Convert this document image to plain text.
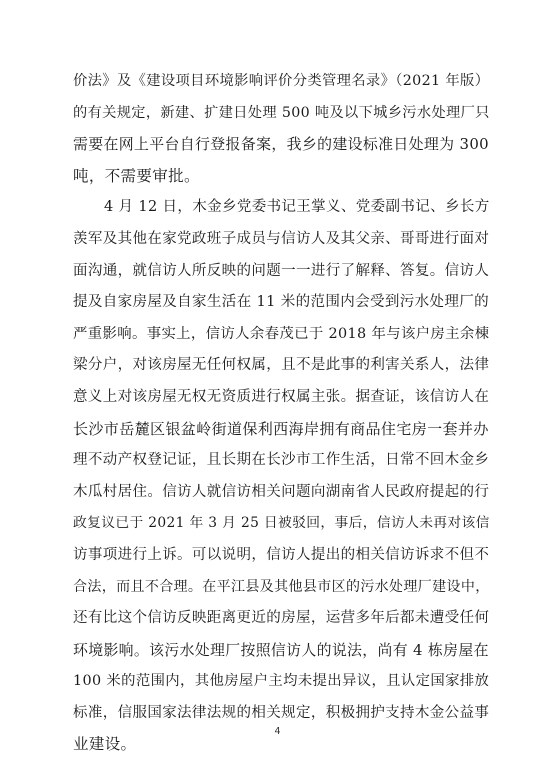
价法》及《建设项目环境影响评价分类管理名录》（2021 年版）
的有关规定，新建、扩建日处理 500 吨及以下城乡污水处理厂只
需要在网上平台自行登报备案，我乡的建设标准日处理为 300
吨，不需要审批。
4 月 12 日，木金乡党委书记王掌义、党委副书记、乡长方
羡军及其他在家党政班子成员与信访人及其父亲、哥哥进行面对
面沟通，就信访人所反映的问题一一进行了解释、答复。信访人
提及自家房屋及自家生活在 11 米的范围内会受到污水处理厂的
严重影响。事实上，信访人余春茂已于 2018 年与该户房主余棟
梁分户，对该房屋无任何权属，且不是此事的利害关系人，法律
意义上对该房屋无权无资质进行权属主张。据查证，该信访人在
长沙市岳麓区银盆岭街道保利西海岸拥有商品住宅房一套并办
理不动产权登记证，且长期在长沙市工作生活，日常不回木金乡
木瓜村居住。信访人就信访相关问题向湖南省人民政府提起的行
政复议已于 2021 年 3 月 25 日被驳回，事后，信访人未再对该信
访事项进行上诉。可以说明，信访人提出的相关信访诉求不但不
合法，而且不合理。在平江县及其他县市区的污水处理厂建设中，
还有比这个信访反映距离更近的房屋，运营多年后都未遭受任何
环境影响。该污水处理厂按照信访人的说法，尚有 4 栋房屋在
100 米的范围内，其他房屋户主均未提出异议，且认定国家排放
标准，信服国家法律法规的相关规定，积极拥护支持木金公益事
业建设。
4
